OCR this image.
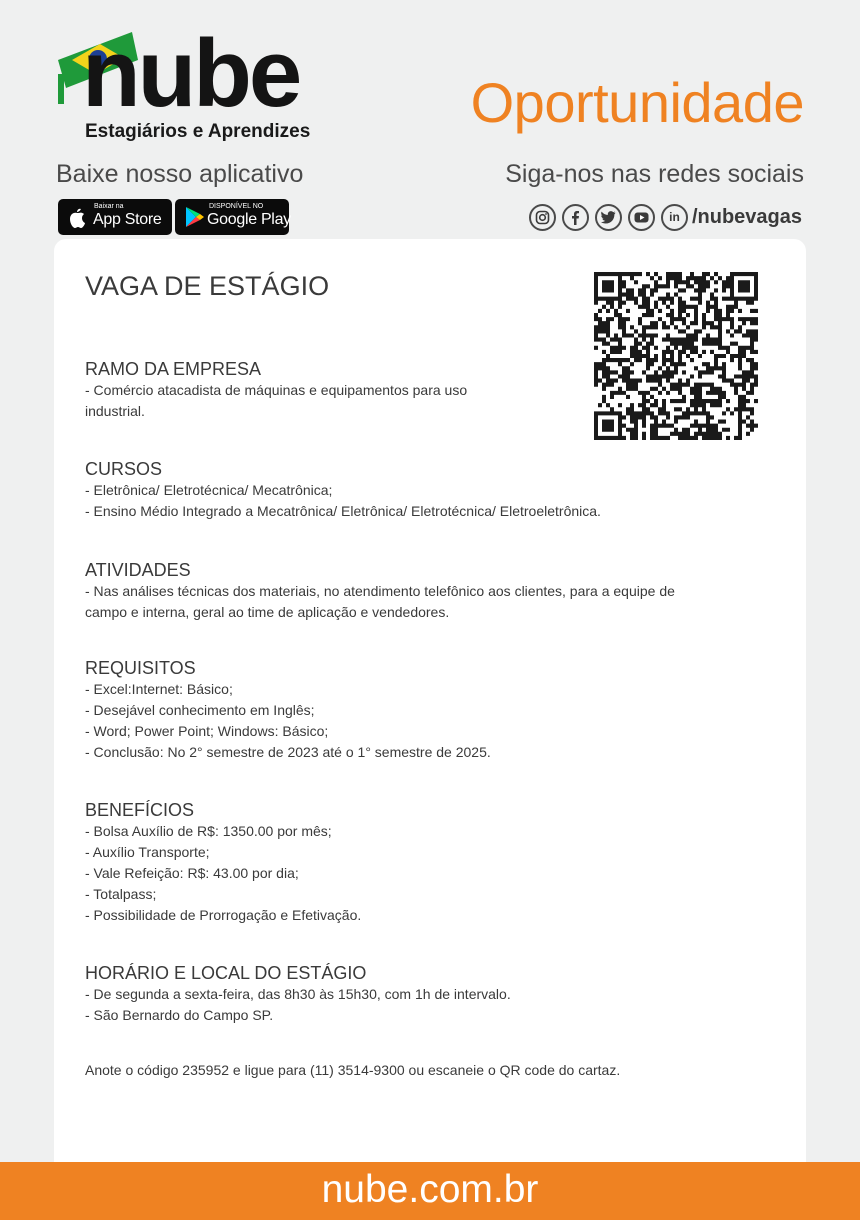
nube
Estagiários e Aprendizes	Oportunidade
Baixe nosso aplicativo	Siga-nos nas redes sociais
Baixar na
App Store
DISPONÍVEL NO
Google Play	in /nubevagas
VAGA DE ESTÁGIO
RAMO DA EMPRESA

- Comércio atacadista de máquinas e equipamentos para uso

industrial.

CURSOS

- Eletrônica/ Eletrotécnica/ Mecatrônica;

- Ensino Médio Integrado a Mecatrônica/ Eletrônica/ Eletrotécnica/ Eletroeletrônica.

ATIVIDADES

- Nas análises técnicas dos materiais, no atendimento telefônico aos clientes, para a equipe de

campo e interna, geral ao time de aplicação e vendedores.

REQUISITOS

- Excel:Internet: Básico;

- Desejável conhecimento em Inglês;

- Word; Power Point; Windows: Básico;

- Conclusão: No 2° semestre de 2023 até o 1° semestre de 2025.

BENEFÍCIOS

- Bolsa Auxílio de R$: 1350.00 por mês;

- Auxílio Transporte;

- Vale Refeição: R$: 43.00 por dia;

- Totalpass;

- Possibilidade de Prorrogação e Efetivação.

HORÁRIO E LOCAL DO ESTÁGIO

- De segunda a sexta-feira, das 8h30 às 15h30, com 1h de intervalo.

- São Bernardo do Campo SP.

Anote o código 235952 e ligue para (11) 3514-9300 ou escaneie o QR code do cartaz.
nube.com.br
